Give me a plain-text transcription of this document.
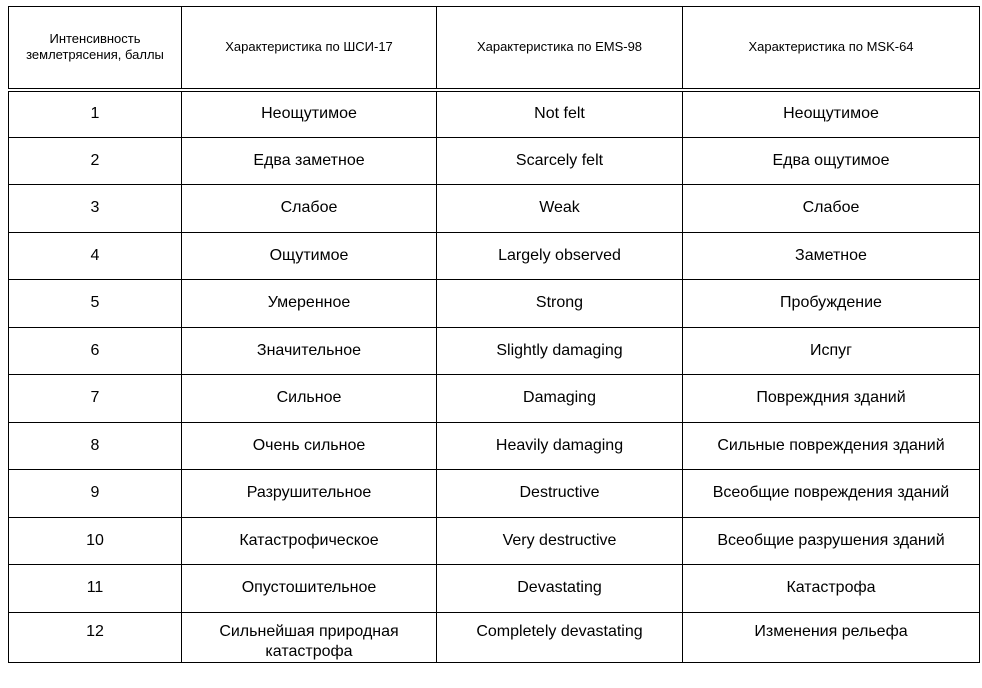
Интенсивность землетрясения, баллы	Характеристика по ШСИ-17	Характеристика по EMS-98	Характеристика по MSK-64
1	Неощутимое	Not felt	Неощутимое
2	Едва заметное	Scarcely felt	Едва ощутимое
3	Слабое	Weak	Слабое
4	Ощутимое	Largely observed	Заметное
5	Умеренное	Strong	Пробуждение
6	Значительное	Slightly damaging	Испуг
7	Сильное	Damaging	Повреждния зданий
8	Очень сильное	Heavily damaging	Сильные повреждения зданий
9	Разрушительное	Destructive	Всеобщие повреждения зданий
10	Катастрофическое	Very destructive	Всеобщие разрушения зданий
11	Опустошительное	Devastating	Катастрофа
12	Сильнейшая природная катастрофа	Completely devastating	Изменения рельефа
